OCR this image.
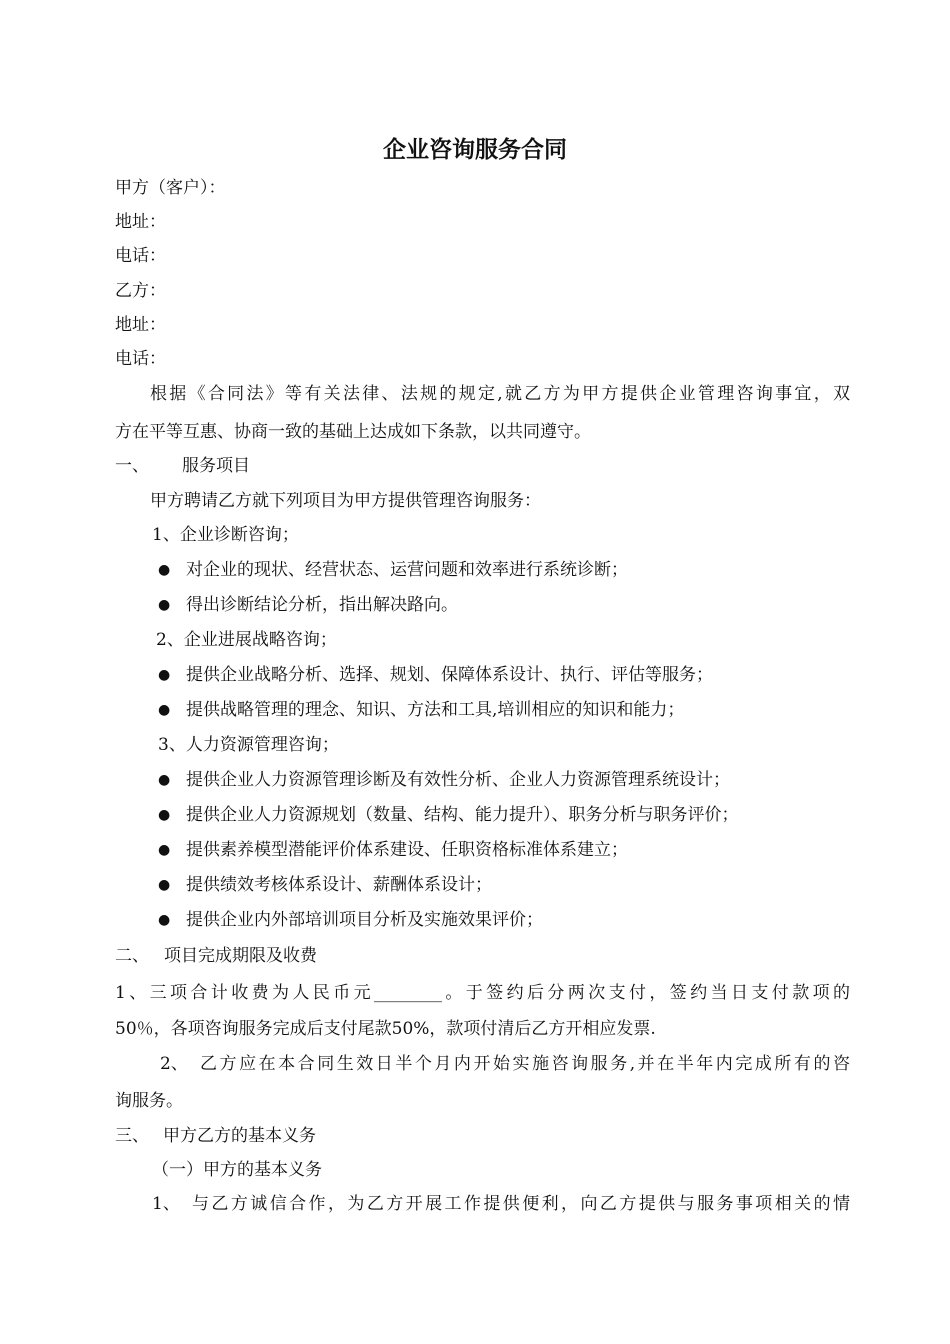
企业咨询服务合同
甲方（客户）：
地址：
电话：
乙方：
地址：
电话：
根据《合同法》等有关法律、法规的规定,就乙方为甲方提供企业管理咨询事宜，双
方在平等互惠、协商一致的基础上达成如下条款，以共同遵守。
一、 服务项目
甲方聘请乙方就下列项目为甲方提供管理咨询服务：
1、企业诊断咨询；
● 对企业的现状、经营状态、运营问题和效率进行系统诊断；
● 得出诊断结论分析，指出解决路向。
2、企业进展战略咨询；
● 提供企业战略分析、选择、规划、保障体系设计、执行、评估等服务；
● 提供战略管理的理念、知识、方法和工具,培训相应的知识和能力；
3、人力资源管理咨询；
● 提供企业人力资源管理诊断及有效性分析、企业人力资源管理系统设计；
● 提供企业人力资源规划（数量、结构、能力提升）、职务分析与职务评价；
● 提供素养模型潜能评价体系建设、任职资格标准体系建立；
● 提供绩效考核体系设计、薪酬体系设计；
● 提供企业内外部培训项目分析及实施效果评价；
二、 项目完成期限及收费
1、三项合计收费为人民币元________。于签约后分两次支付，签约当日支付款项的
50％，各项咨询服务完成后支付尾款50%，款项付清后乙方开相应发票.
2、 乙方应在本合同生效日半个月内开始实施咨询服务,并在半年内完成所有的咨
询服务。
三、 甲方乙方的基本义务
（一）甲方的基本义务
1、 与乙方诚信合作，为乙方开展工作提供便利，向乙方提供与服务事项相关的情
